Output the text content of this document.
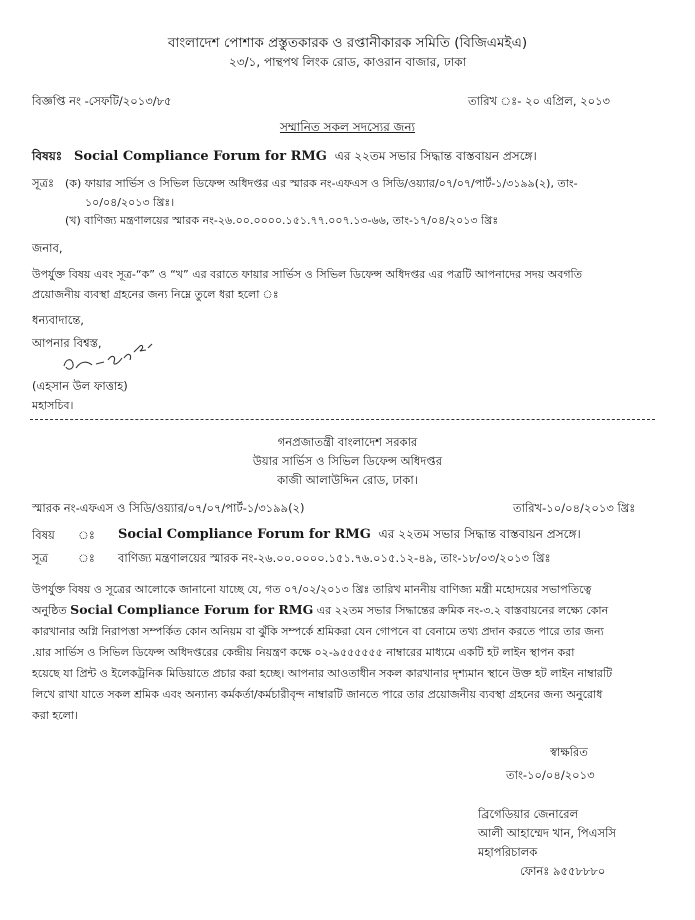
বাংলাদেশ পোশাক প্রস্তুতকারক ও রপ্তানীকারক সমিতি (বিজিএমইএ)
২৩/১, পান্থপথ লিংক রোড, কাওরান বাজার, ঢাকা
বিজ্ঞপ্তি নং -সেফটি/২০১৩/৮৫	তারিখ ঃ- ২০ এপ্রিল, ২০১৩
সম্মানিত সকল সদস্যের জন্য
বিষয়ঃ Social Compliance Forum for RMG এর ২২তম সভার সিদ্ধান্ত বাস্তবায়ন প্রসঙ্গে।
সূত্রঃ (ক) ফায়ার সার্ভিস ও সিভিল ডিফেন্স অধিদপ্তর এর স্মারক নং-এফএস ও সিডি/ওয়্যার/০৭/০৭/পার্ট-১/৩১৯৯(২), তাং-
১০/০৪/২০১৩ খ্রিঃ।
(খ) বাণিজ্য মন্ত্রণালয়ের স্মারক নং-২৬.০০.০০০০.১৫১.৭৭.০০৭.১৩-৬৬, তাং-১৭/০৪/২০১৩ খ্রিঃ
জনাব,
উপর্যুক্ত বিষয় এবং সূত্র-“ক” ও “খ” এর বরাতে ফায়ার সার্ভিস ও সিভিল ডিফেন্স অধিদপ্তর এর পত্রটি আপনাদের সদয় অবগতি
প্রয়োজনীয় ব্যবস্থা গ্রহনের জন্য নিম্নে তুলে ধরা হলো ঃ
ধন্যবাদান্তে,
আপনার বিশ্বস্ত,
(এহসান উল ফাত্তাহ)
মহাসচিব।
গনপ্রজাতন্ত্রী বাংলাদেশ সরকার
উয়ার সার্ভিস ও সিভিল ডিফেন্স অধিদপ্তর
কাজী আলাউদ্দিন রোড, ঢাকা।
স্মারক নং-এফএস ও সিডি/ওয়্যার/০৭/০৭/পার্ট-১/৩১৯৯(২)	তারিখ-১০/০৪/২০১৩ খ্রিঃ
বিষয় ঃ Social Compliance Forum for RMG এর ২২তম সভার সিদ্ধান্ত বাস্তবায়ন প্রসঙ্গে।
সূত্র	ঃ বাণিজ্য মন্ত্রণালয়ের স্মারক নং-২৬.০০.০০০০.১৫১.৭৬.০১৫.১২-৪৯, তাং-১৮/০৩/২০১৩ খ্রিঃ
উপর্যুক্ত বিষয় ও সূত্রের আলোকে জানানো যাচ্ছে যে, গত ০৭/০২/২০১৩ খ্রিঃ তারিখ মাননীয় বাণিজ্য মন্ত্রী মহোদয়ের সভাপতিত্বে
অনুষ্ঠিত Social Compliance Forum for RMG এর ২২তম সভার সিদ্ধান্তের ক্রমিক নং-৩.২ বাস্তবায়নের লক্ষ্যে কোন
কারখানার অগ্নি নিরাপত্তা সম্পর্কিত কোন অনিয়ম বা ঝুঁকি সম্পর্কে শ্রমিকরা যেন গোপনে বা বেনামে তথ্য প্রদান করতে পারে তার জন্য
.য়ার সার্ভিস ও সিভিল ডিফেন্স অধিদপ্তরের কেন্দ্রীয় নিয়ন্ত্রণ কক্ষে ০২-৯৫৫৫৫৫৫ নাম্বারের মাধ্যমে একটি হট লাইন স্থাপন করা
হয়েছে যা প্রিন্ট ও ইলেকট্রনিক মিডিয়াতে প্রচার করা হচ্ছে। আপনার আওতাধীন সকল কারখানার দৃশ্যমান স্থানে উক্ত হট লাইন নাম্বারটি
লিখে রাখা যাতে সকল শ্রমিক এবং অন্যান্য কর্মকর্তা/কর্মচারীবৃন্দ নাম্বারটি জানতে পারে তার প্রয়োজনীয় ব্যবস্থা গ্রহনের জন্য অনুরোধ
করা হলো।
স্বাক্ষরিত
তাং-১০/০৪/২০১৩
ব্রিগেডিয়ার জেনারেল
আলী আহাম্মেদ খান, পিএসসি
মহাপরিচালক
ফোনঃ ৯৫৫৮৮৮০
